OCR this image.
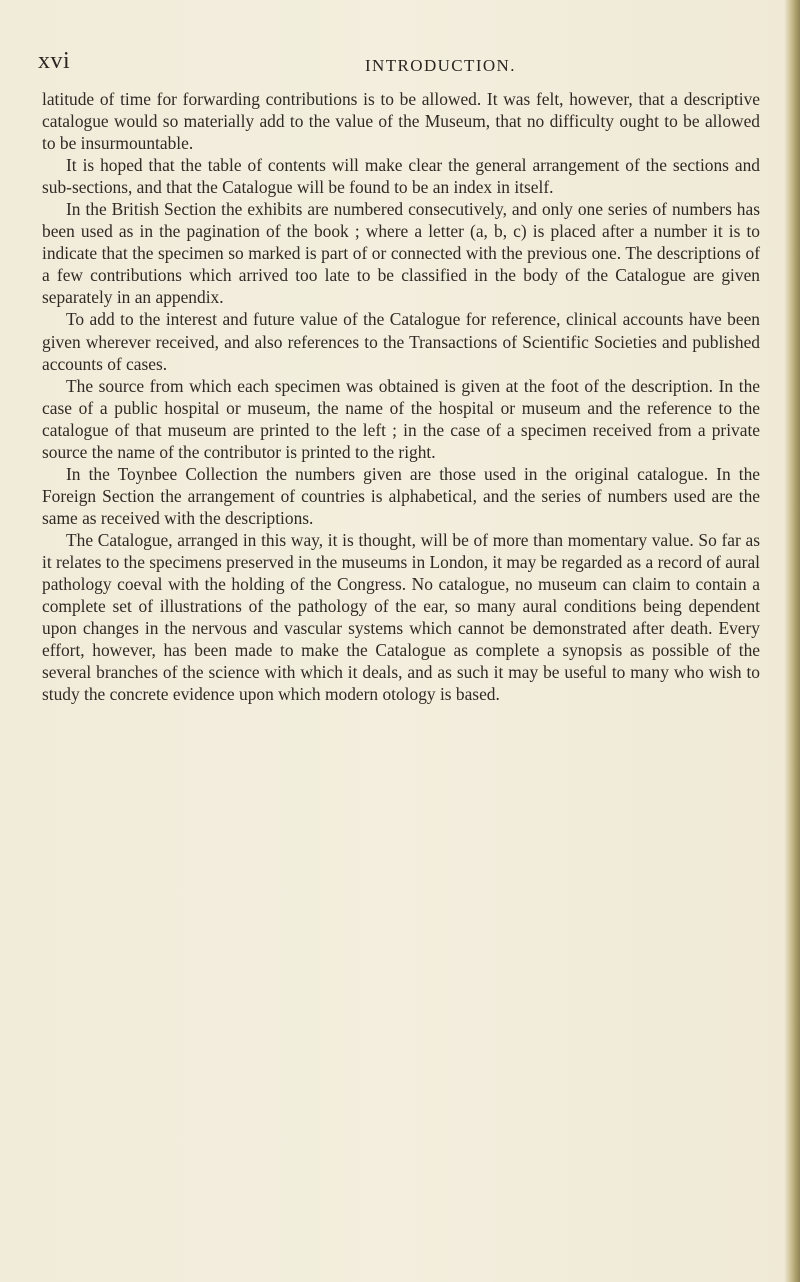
xvi	INTRODUCTION.

latitude of time for forwarding contributions is to be allowed. It was felt, however, that a descriptive catalogue would so materially add to the value of the Museum, that no difficulty ought to be allowed to be insurmountable.

It is hoped that the table of contents will make clear the general arrangement of the sections and sub-sections, and that the Catalogue will be found to be an index in itself.

In the British Section the exhibits are numbered consecutively, and only one series of numbers has been used as in the pagination of the book ; where a letter (a, b, c) is placed after a number it is to indicate that the specimen so marked is part of or connected with the previous one. The descriptions of a few contributions which arrived too late to be classified in the body of the Catalogue are given separately in an appendix.

To add to the interest and future value of the Catalogue for reference, clinical accounts have been given wherever received, and also references to the Transactions of Scientific Societies and published accounts of cases.

The source from which each specimen was obtained is given at the foot of the description. In the case of a public hospital or museum, the name of the hospital or museum and the reference to the catalogue of that museum are printed to the left ; in the case of a specimen received from a private source the name of the contributor is printed to the right.

In the Toynbee Collection the numbers given are those used in the original catalogue. In the Foreign Section the arrangement of countries is alphabetical, and the series of numbers used are the same as received with the descriptions.

The Catalogue, arranged in this way, it is thought, will be of more than momentary value. So far as it relates to the specimens preserved in the museums in London, it may be regarded as a record of aural pathology coeval with the holding of the Congress. No catalogue, no museum can claim to contain a complete set of illustrations of the pathology of the ear, so many aural conditions being dependent upon changes in the nervous and vascular systems which cannot be demonstrated after death. Every effort, however, has been made to make the Catalogue as complete a synopsis as possible of the several branches of the science with which it deals, and as such it may be useful to many who wish to study the concrete evidence upon which modern otology is based.
